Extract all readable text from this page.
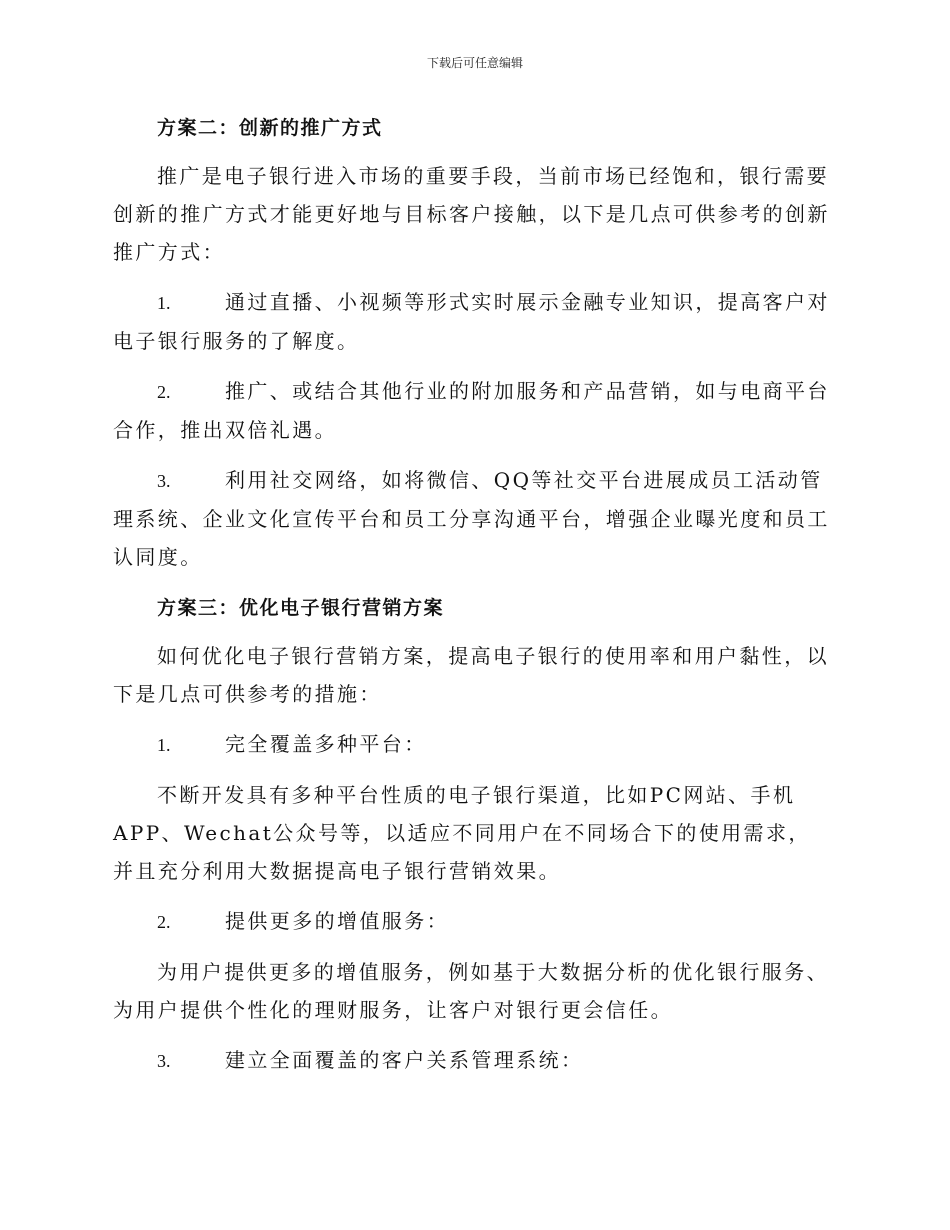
下载后可任意编辑

方案二：创新的推广方式

推广是电子银行进入市场的重要手段，当前市场已经饱和，银行需要创新的推广方式才能更好地与目标客户接触，以下是几点可供参考的创新推广方式：

1.	通过直播、小视频等形式实时展示金融专业知识，提高客户对电子银行服务的了解度。

2.	推广、或结合其他行业的附加服务和产品营销，如与电商平台合作，推出双倍礼遇。

3.	利用社交网络，如将微信、QQ等社交平台进展成员工活动管理系统、企业文化宣传平台和员工分享沟通平台，增强企业曝光度和员工认同度。

方案三：优化电子银行营销方案

如何优化电子银行营销方案，提高电子银行的使用率和用户黏性，以下是几点可供参考的措施：

1.	完全覆盖多种平台：

不断开发具有多种平台性质的电子银行渠道，比如PC网站、手机APP、Wechat公众号等，以适应不同用户在不同场合下的使用需求，并且充分利用大数据提高电子银行营销效果。

2.	提供更多的增值服务：

为用户提供更多的增值服务，例如基于大数据分析的优化银行服务、为用户提供个性化的理财服务，让客户对银行更会信任。

3.	建立全面覆盖的客户关系管理系统：
